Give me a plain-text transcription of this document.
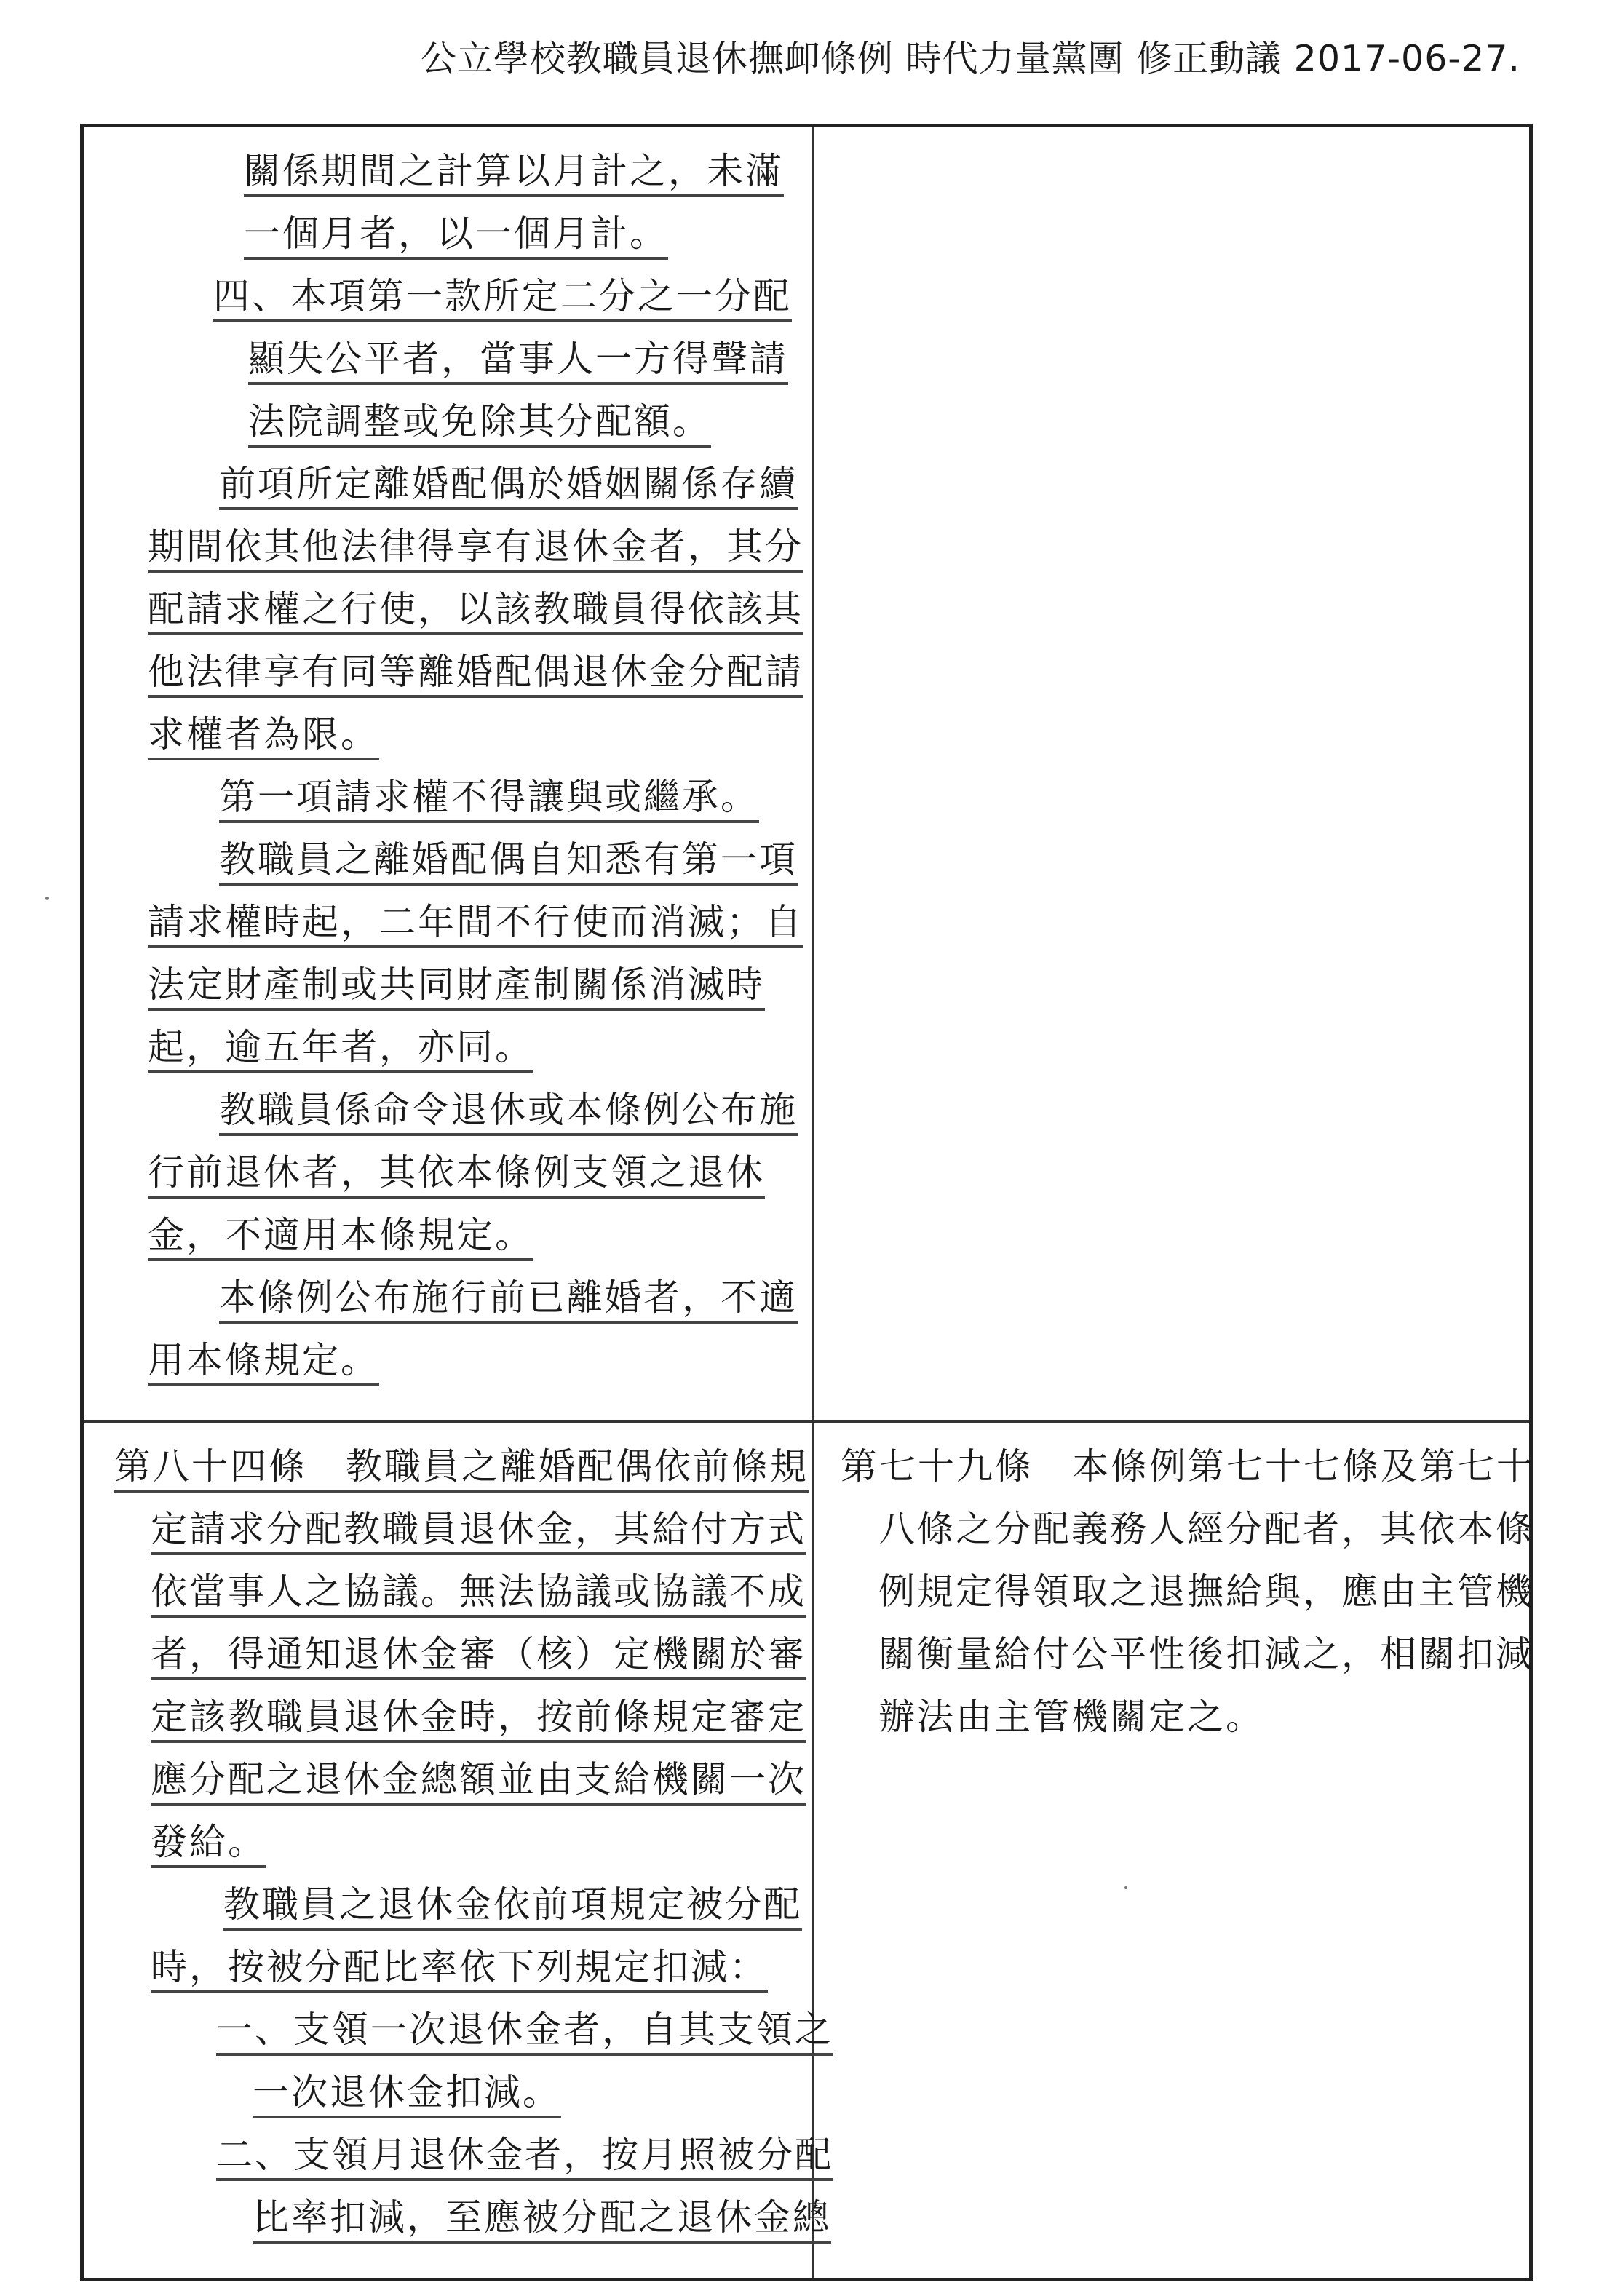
公立學校教職員退休撫卹條例 時代力量黨團 修正動議 2017-06-27.
關係期間之計算以月計之，未滿
一個月者，以一個月計。
四、本項第一款所定二分之一分配
顯失公平者，當事人一方得聲請
法院調整或免除其分配額。
前項所定離婚配偶於婚姻關係存續
期間依其他法律得享有退休金者，其分
配請求權之行使，以該教職員得依該其
他法律享有同等離婚配偶退休金分配請
求權者為限。
第一項請求權不得讓與或繼承。
教職員之離婚配偶自知悉有第一項
請求權時起，二年間不行使而消滅；自
法定財產制或共同財產制關係消滅時
起，逾五年者，亦同。
教職員係命令退休或本條例公布施
行前退休者，其依本條例支領之退休
金，不適用本條規定。
本條例公布施行前已離婚者，不適
用本條規定。
第八十四條　教職員之離婚配偶依前條規
定請求分配教職員退休金，其給付方式
依當事人之協議。無法協議或協議不成
者，得通知退休金審（核）定機關於審
定該教職員退休金時，按前條規定審定
應分配之退休金總額並由支給機關一次
發給。
教職員之退休金依前項規定被分配
時，按被分配比率依下列規定扣減：
一、支領一次退休金者，自其支領之
一次退休金扣減。
二、支領月退休金者，按月照被分配
比率扣減，至應被分配之退休金總
第七十九條　本條例第七十七條及第七十
八條之分配義務人經分配者，其依本條
例規定得領取之退撫給與，應由主管機
關衡量給付公平性後扣減之，相關扣減
辦法由主管機關定之。
